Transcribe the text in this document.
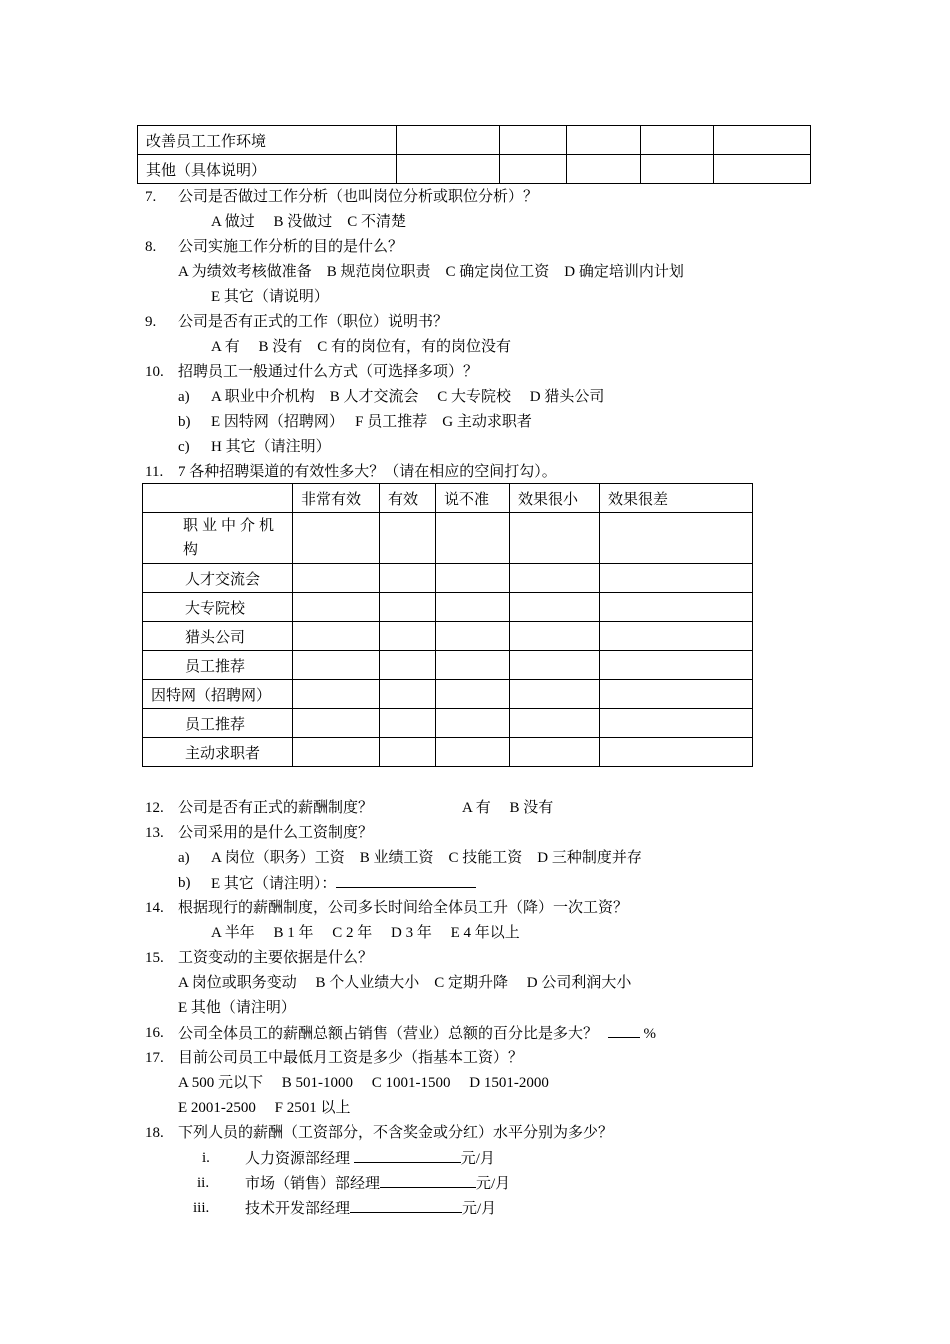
改善员工工作环境					
其他（具体说明）					
7. 公司是否做过工作分析（也叫岗位分析或职位分析）？
A 做过　 B 没做过　C 不清楚
8. 公司实施工作分析的目的是什么？
A 为绩效考核做准备　B 规范岗位职责　C 确定岗位工资　D 确定培训内计划
E 其它（请说明）
9. 公司是否有正式的工作（职位）说明书？
A 有　 B 没有　C 有的岗位有，有的岗位没有
10. 招聘员工一般通过什么方式（可选择多项）？
a) A 职业中介机构　B 人才交流会　 C 大专院校　 D 猎头公司
b) E 因特网（招聘网）　 F 员工推荐　G 主动求职者
c) H 其它（请注明）
11. 7 各种招聘渠道的有效性多大？（请在相应的空间打勾）。
	非常有效	有效	说不准	效果很小	效果很差
职业中介机构					
人才交流会					
大专院校					
猎头公司					
员工推荐					
因特网（招聘网）					
员工推荐					
主动求职者					
12. 公司是否有正式的薪酬制度？	A 有　 B 没有
13. 公司采用的是什么工资制度？
a) A 岗位（职务）工资　B 业绩工资　C 技能工资　D 三种制度并存
b) E 其它（请注明）：
14. 根据现行的薪酬制度，公司多长时间给全体员工升（降）一次工资？
A 半年　 B 1 年　 C 2 年　 D 3 年　 E 4 年以上
15. 工资变动的主要依据是什么？
A 岗位或职务变动　 B 个人业绩大小　C 定期升降　 D 公司利润大小
E 其他（请注明）
16. 公司全体员工的薪酬总额占销售（营业）总额的百分比是多大？	%
17. 目前公司员工中最低月工资是多少（指基本工资）？
A 500 元以下　 B 501-1000　 C 1001-1500　 D 1501-2000
E 2001-2500　 F 2501 以上
18. 下列人员的薪酬（工资部分，不含奖金或分红）水平分别为多少？
i. 人力资源部经理	元/月
ii. 市场（销售）部经理	元/月
iii. 技术开发部经理	元/月
